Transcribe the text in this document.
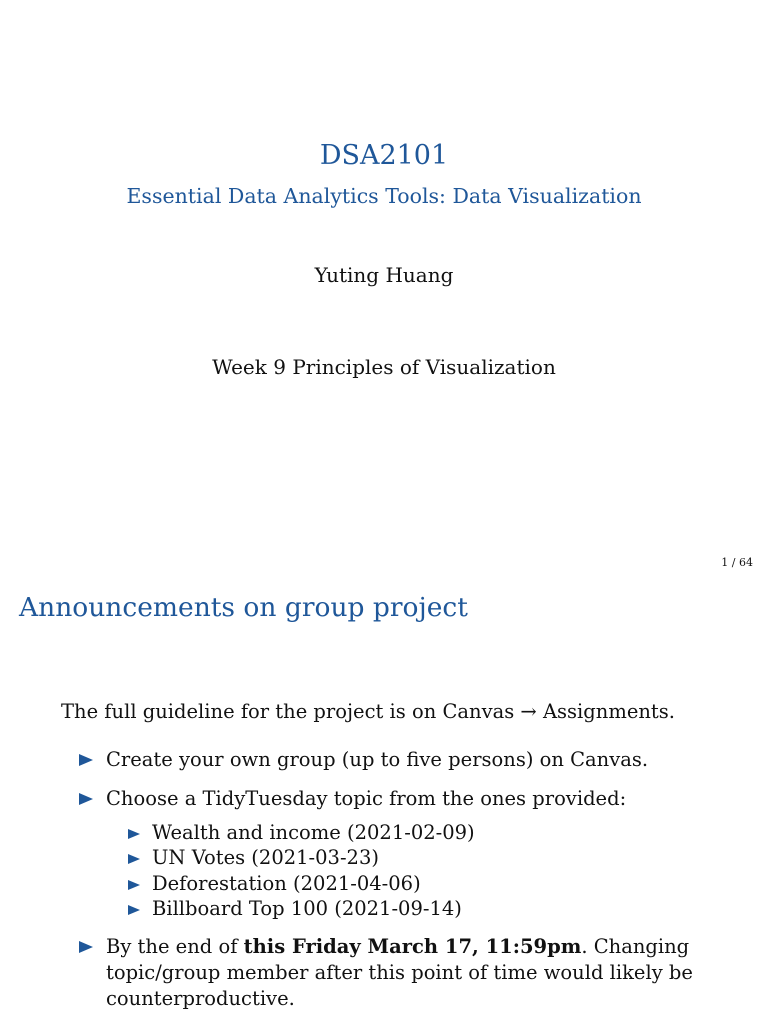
DSA2101
Essential Data Analytics Tools: Data Visualization
Yuting Huang
Week 9 Principles of Visualization
1 / 64
Announcements on group project
The full guideline for the project is on Canvas → Assignments.
Create your own group (up to five persons) on Canvas.
Choose a TidyTuesday topic from the ones provided:
Wealth and income (2021-02-09)
UN Votes (2021-03-23)
Deforestation (2021-04-06)
Billboard Top 100 (2021-09-14)
By the end of this Friday March 17, 11:59pm. Changing topic/group member after this point of time would likely be counterproductive.
